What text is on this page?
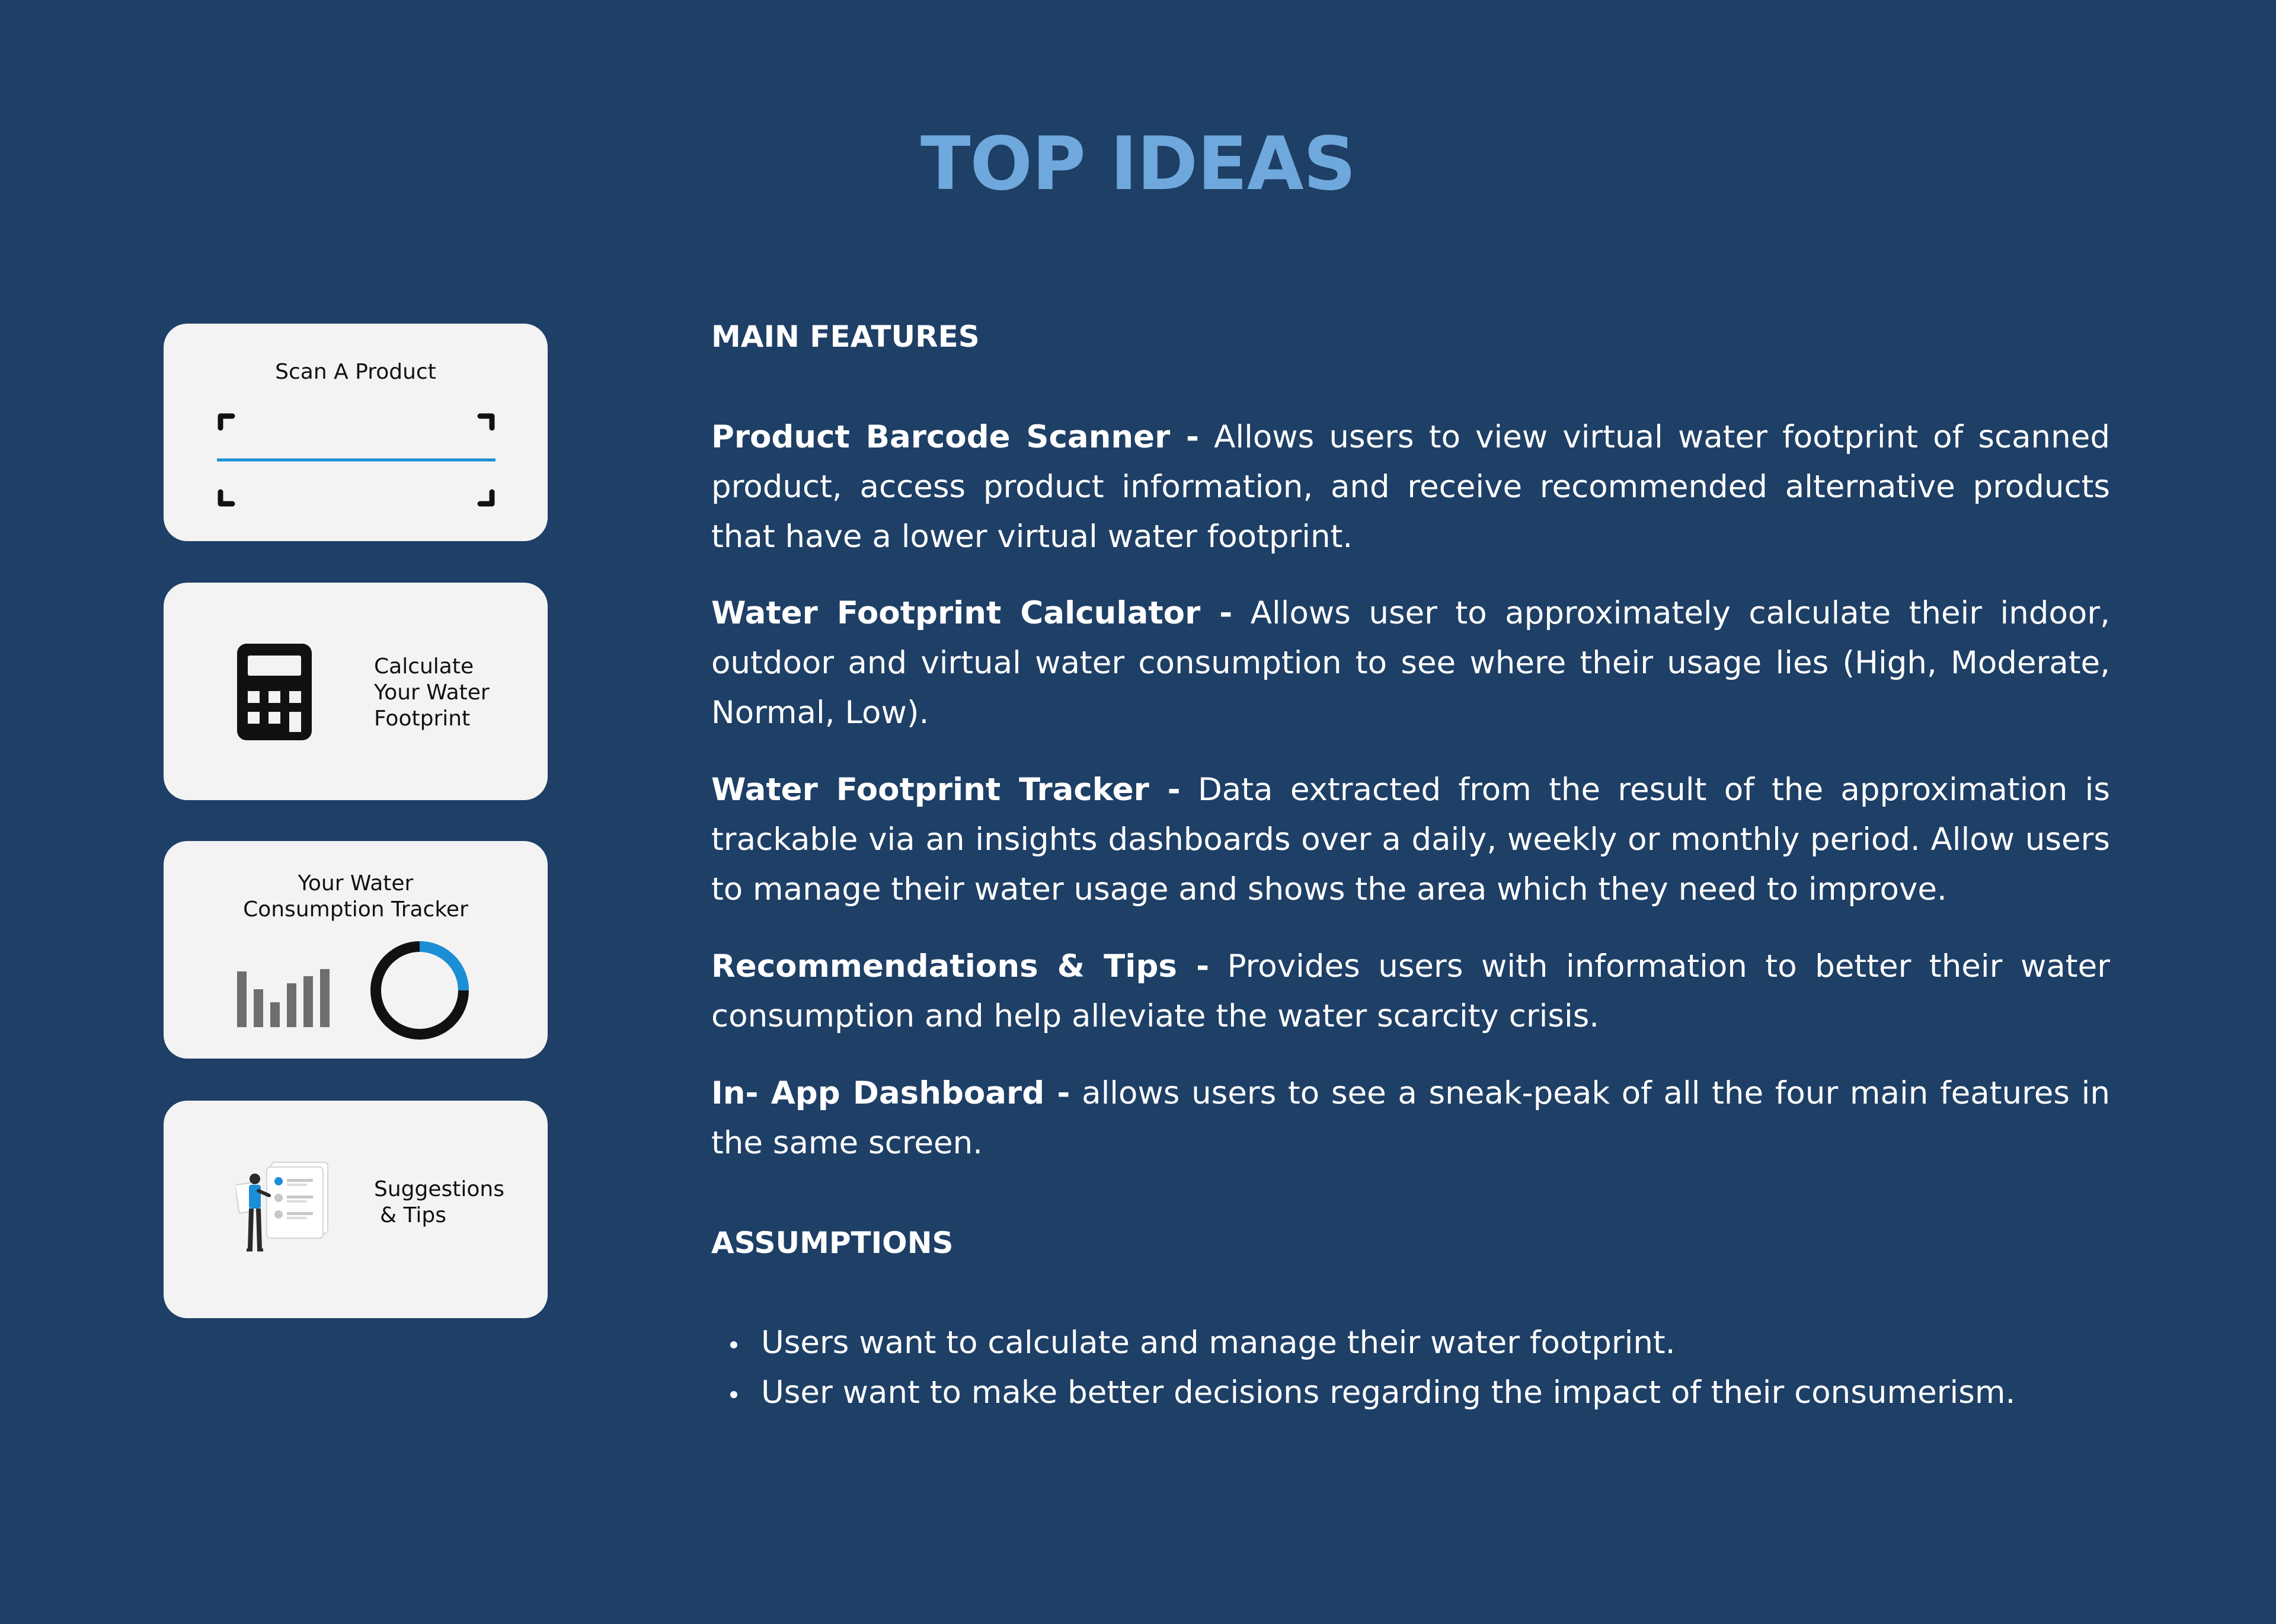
TOP IDEAS
Scan A Product
Calculate
Your Water
Footprint
Your Water
Consumption Tracker
Suggestions
& Tips
MAIN FEATURES
Product Barcode Scanner - Allows users to view virtual water footprint of scanned product, access product information, and receive recommended alternative products that have a lower virtual water footprint.
Water Footprint Calculator - Allows user to approximately calculate their indoor, outdoor and virtual water consumption to see where their usage lies (High, Moderate, Normal, Low).
Water Footprint Tracker - Data extracted from the result of the approximation is trackable via an insights dashboards over a daily, weekly or monthly period. Allow users to manage their water usage and shows the area which they need to improve.
Recommendations & Tips - Provides users with information to better their water consumption and help alleviate the water scarcity crisis.
In- App Dashboard - allows users to see a sneak-peak of all the four main features in the same screen.
ASSUMPTIONS
Users want to calculate and manage their water footprint.
User want to make better decisions regarding the impact of their consumerism.
